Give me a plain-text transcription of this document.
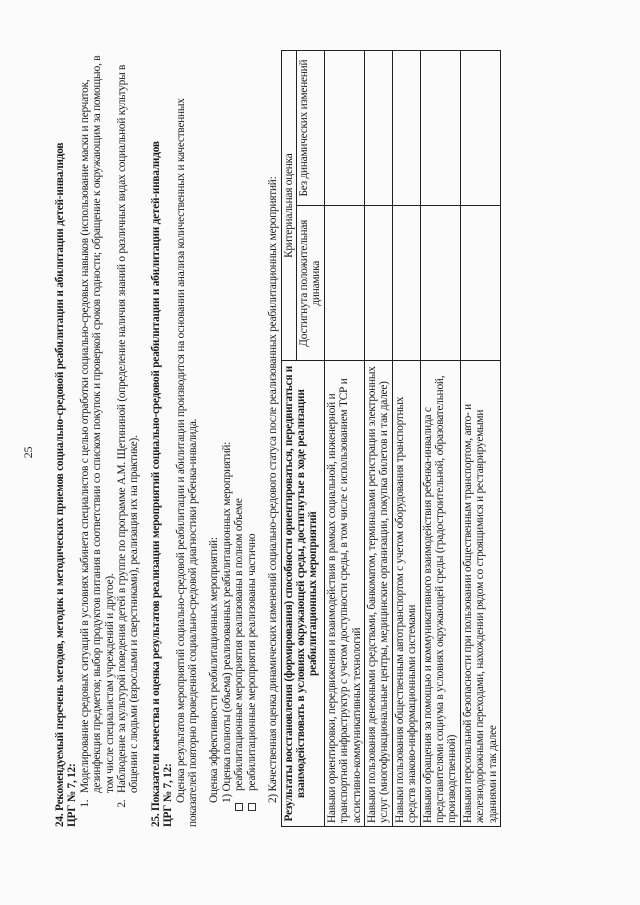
25 24. Рекомендуемый перечень методов, методик и методических приемов социально-средовой реабилитации и абилитации детей-инвалидов ЦРГ № 7, 12:

1. Моделирование средовых ситуаций в условиях кабинета специалистов с целью отработки социально-средовых навыков (использование маски и перчаток, дезинфекция предметов; выбор продуктов питания в соответствии со списком покупок и проверкой сроков годности; обращение к окружающим за помощью, в том числе специалистам учреждений и другое). 2. Наблюдение за культурой поведения детей в группе по программе А.М. Щетининой (определение наличия знаний о различных видах социальной культуры в общении с людьми (взрослыми и сверстниками), реализация их на практике). 25. Показатели качества и оценка результатов реализации мероприятий социально-средовой реабилитации и абилитации детей-инвалидов ЦРГ № 7, 12: Оценка результатов мероприятий социально-средовой реабилитации и абилитации производится на основании анализа количественных и качественных показателей повторно проведенной социально-средовой диагностики ребенка-инвалида. Оценка эффективности реабилитационных мероприятий: 1) Оценка полноты (объема) реализованных реабилитационных мероприятий: реабилитационные мероприятия реализованы в полном объеме реабилитационные мероприятия реализованы частично 2) Качественная оценка динамических изменений социально-средового статуса после реализованных реабилитационных мероприятий: Результаты восстановления (формирования) способности ориентироваться, передвигаться и взаимодействовать в условиях окружающей среды, достигнутые в ходе реализации реабилитационных мероприятий	Критериальная оценка	
	Достигнута положительная динамика	Без динамических изменений
Навыки ориентировки, передвижения и взаимодействия в рамках социальной, инженерной и транспортной инфраструктур с учетом доступности среды, в том числе с использованием ТСР и ассистивно-коммуникативных технологий		
Навыки пользования денежными средствами, банкоматом, терминалами регистрации электронных услуг (многофункциональные центры, медицинские организации, покупка билетов и так далее)		
Навыки пользования общественным автотранспортом с учетом оборудования транспортных средств знаково-информационными системами		
Навыки обращения за помощью и коммуникативного взаимодействия ребенка-инвалида с представителями социума в условиях окружающей среды (градостроительной, образовательной, производственной)		
Навыки персональной безопасности при пользовании общественным транспортом, авто- и железнодорожными переходами, нахождении рядом со строящимися и реставрируемыми зданиями и так далее		
